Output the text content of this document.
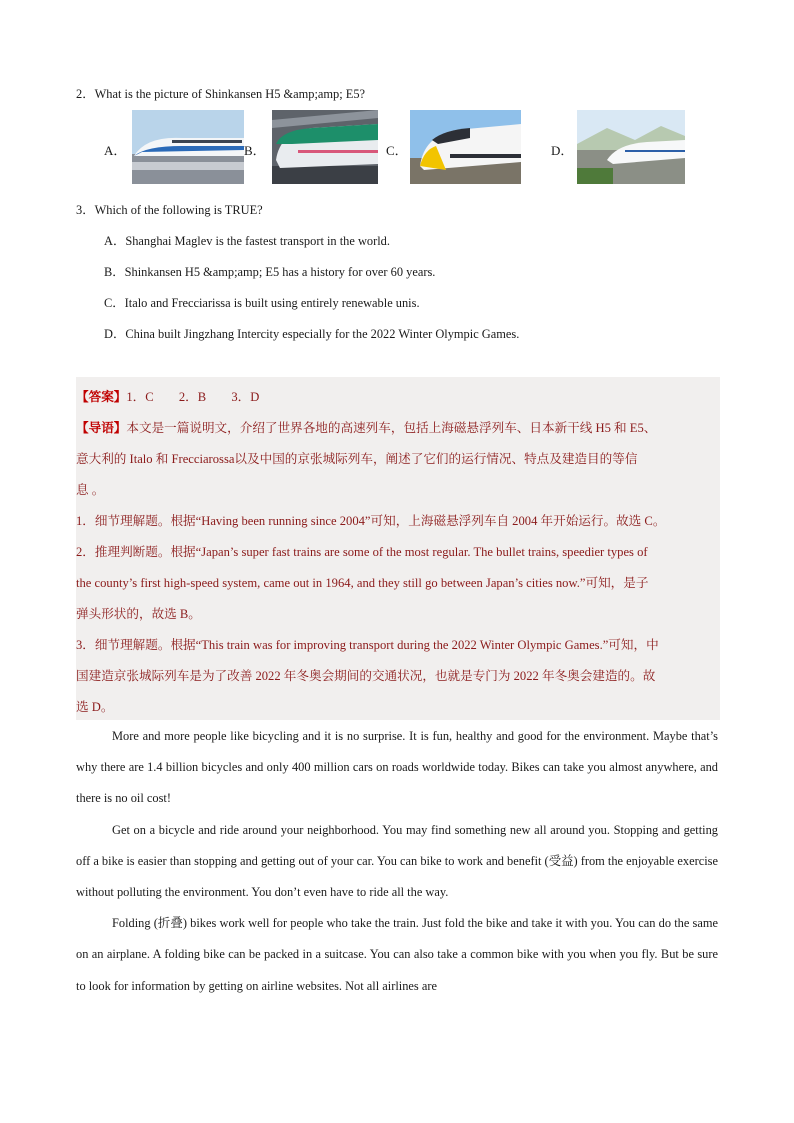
2．What is the picture of Shinkansen H5 &amp;amp; E5?
A．	B．	C．	D．
3．Which of the following is TRUE?
A．Shanghai Maglev is the fastest transport in the world.
B．Shinkansen H5 &amp;amp; E5 has a history for over 60 years.
C．Italo and Frecciarissa is built using entirely renewable unis.
D．China built Jingzhang Intercity especially for the 2022 Winter Olympic Games.
【答案】1．C　　2．B　　3．D
【导语】本文是一篇说明文，介绍了世界各地的高速列车，包括上海磁悬浮列车、日本新干线 H5 和 E5、
意大利的 Italo 和 Frecciarossa以及中国的京张城际列车，阐述了它们的运行情况、特点及建造目的等信
息 。
1．细节理解题。根据“Having been running since 2004”可知，上海磁悬浮列车自 2004 年开始运行。故选 C。
2．推理判断题。根据“Japan’s super fast trains are some of the most regular. The bullet trains, speedier types of
the county’s first high-speed system, came out in 1964, and they still go between Japan’s cities now.”可知，是子
弹头形状的，故选 B。
3．细节理解题。根据“This train was for improving transport during the 2022 Winter Olympic Games.”可知，中
国建造京张城际列车是为了改善 2022 年冬奥会期间的交通状况，也就是专门为 2022 年冬奥会建造的。故
选 D。

More and more people like bicycling and it is no surprise. It is fun, healthy and good for the environment. Maybe that’s why there are 1.4 billion bicycles and only 400 million cars on roads worldwide today. Bikes can take you almost anywhere, and there is no oil cost!

Get on a bicycle and ride around your neighborhood. You may find something new all around you. Stopping and getting off a bike is easier than stopping and getting out of your car. You can bike to work and benefit (受益) from the enjoyable exercise without polluting the environment. You don’t even have to ride all the way.

Folding (折叠) bikes work well for people who take the train. Just fold the bike and take it with you. You can do the same on an airplane. A folding bike can be packed in a suitcase. You can also take a common bike with you when you fly. But be sure to look for information by getting on airline websites. Not all airlines are
